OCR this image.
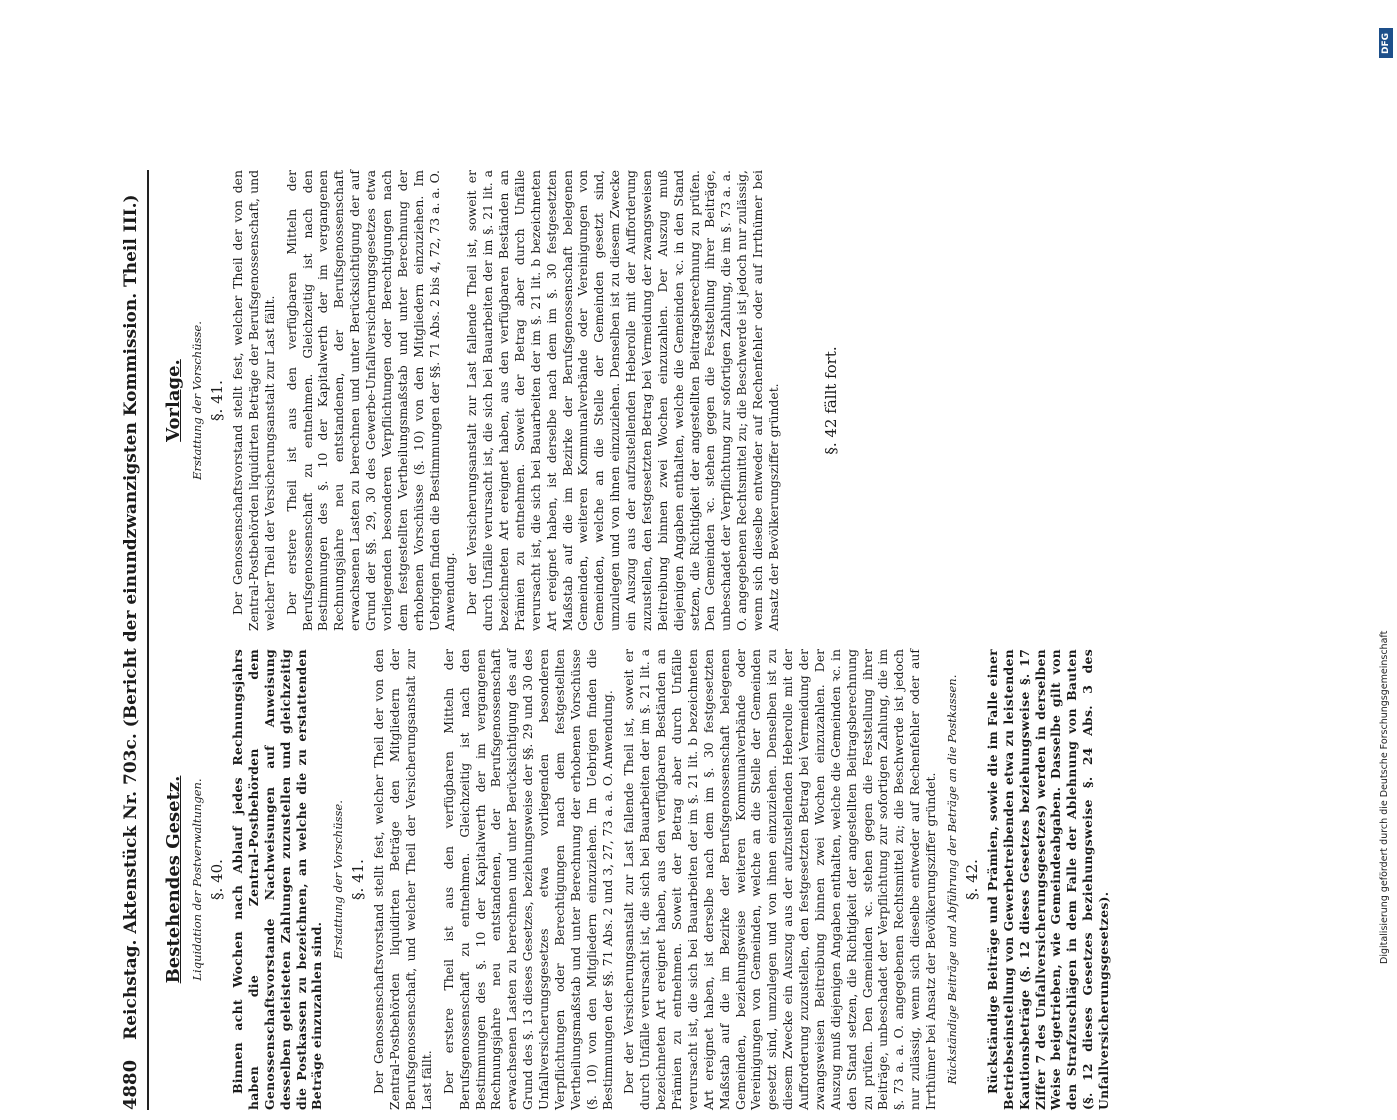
4880
Reichstag. Aktenstück Nr. 703c. (Bericht der einundzwanzigsten Kommission. Theil III.) Bestehendes Gesetz. Liquidation der Postverwaltungen. §. 40. Binnen acht Wochen nach Ablauf jedes Rechnungsjahrs haben die Zentral-Postbehörden dem Genossenschaftsvorstande Nachweisungen auf Anweisung desselben geleisteten Zahlungen zuzustellen und gleichzeitig die Postkassen zu bezeichnen, an welche die zu erstattenden Beträge einzuzahlen sind.

Erstattung der Vorschüsse. §. 41. Der Genossenschaftsvorstand stellt fest, welcher Theil der von den Zentral-Postbehörden liquidirten Beträge den Mitgliedern der Berufsgenossenschaft, und welcher Theil der Versicherungsanstalt zur Last fällt. Der erstere Theil ist aus den verfügbaren Mitteln der Berufsgenossenschaft zu entnehmen. Gleichzeitig ist nach den Bestimmungen des §. 10 der Kapitalwerth der im vergangenen Rechnungsjahre neu entstandenen, der Berufsgenossenschaft erwachsenen Lasten zu berechnen und unter Berücksichtigung des auf Grund des §. 13 dieses Gesetzes, beziehungsweise der §§. 29 und 30 des Unfallversicherungsgesetzes etwa vorliegenden besonderen Verpflichtungen oder Berechtigungen nach dem festgestellten Vertheilungsmaßstab und unter Berechnung der erhobenen Vorschüsse (§. 10) von den Mitgliedern einzuziehen. Im Uebrigen finden die Bestimmungen der §§. 71 Abs. 2 und 3, 27, 73 a. a. O. Anwendung. Der der Versicherungsanstalt zur Last fallende Theil ist, soweit er durch Unfälle verursacht ist, die sich bei Bauarbeiten der im §. 21 lit. a bezeichneten Art ereignet haben, aus den verfügbaren Beständen an Prämien zu entnehmen. Soweit der Betrag aber durch Unfälle verursacht ist, die sich bei Bauarbeiten der im §. 21 lit. b bezeichneten Art ereignet haben, ist derselbe nach dem im §. 30 festgesetzten Maßstab auf die im Bezirke der Berufsgenossenschaft belegenen Gemeinden, beziehungsweise weiteren Kommunalverbände oder Vereinigungen von Gemeinden, welche an die Stelle der Gemeinden gesetzt sind, umzulegen und von ihnen einzuziehen. Denselben ist zu diesem Zwecke ein Auszug aus der aufzustellenden Heberolle mit der Aufforderung zuzustellen, den festgesetzten Betrag bei Vermeidung der zwangsweisen Beitreibung binnen zwei Wochen einzuzahlen. Der Auszug muß diejenigen Angaben enthalten, welche die Gemeinden ꝛc. in den Stand setzen, die Richtigkeit der angestellten Beitragsberechnung zu prüfen. Den Gemeinden ꝛc. stehen gegen die Feststellung ihrer Beiträge, unbeschadet der Verpflichtung zur sofortigen Zahlung, die im §. 73 a. a. O. angegebenen Rechtsmittel zu; die Beschwerde ist jedoch nur zulässig, wenn sich dieselbe entweder auf Rechenfehler oder auf Irrthümer bei Ansatz der Bevölkerungsziffer gründet. Rückständige Beiträge und Abführung der Beträge an die Postkassen. §. 42. Rückständige Beiträge und Prämien, sowie die im Falle einer Betriebseinstellung von Gewerbetreibenden etwa zu leistenden Kautionsbeträge (§. 12 dieses Gesetzes beziehungsweise §. 17 Ziffer 7 des Unfallversicherungsgesetzes) werden in derselben Weise beigetrieben, wie Gemeindeabgaben. Dasselbe gilt von den Strafzuschlägen in dem Falle der Ablehnung von Bauten (§. 12 dieses Gesetzes beziehungsweise §. 24 Abs. 3 des Unfallversicherungsgesetzes).

Vorlage. Erstattung der Vorschüsse. §. 41. Der Genossenschaftsvorstand stellt fest, welcher Theil der von den Zentral-Postbehörden liquidirten Beträge der Berufsgenossenschaft, und welcher Theil der Versicherungsanstalt zur Last fällt. Der erstere Theil ist aus den verfügbaren Mitteln der Berufsgenossenschaft zu entnehmen. Gleichzeitig ist nach den Bestimmungen des §. 10 der Kapitalwerth der im vergangenen Rechnungsjahre neu entstandenen, der Berufsgenossenschaft erwachsenen Lasten zu berechnen und unter Berücksichtigung der auf Grund der §§. 29, 30 des Gewerbe-Unfallversicherungsgesetzes etwa vorliegenden besonderen Verpflichtungen oder Berechtigungen nach dem festgestellten Vertheilungsmaßstab und unter Berechnung der erhobenen Vorschüsse (§. 10) von den Mitgliedern einzuziehen. Im Uebrigen finden die Bestimmungen der §§. 71 Abs. 2 bis 4, 72, 73 a. a. O. Anwendung. Der der Versicherungsanstalt zur Last fallende Theil ist, soweit er durch Unfälle verursacht ist, die sich bei Bauarbeiten der im §. 21 lit. a bezeichneten Art ereignet haben, aus den verfügbaren Beständen an Prämien zu entnehmen. Soweit der Betrag aber durch Unfälle verursacht ist, die sich bei Bauarbeiten der im §. 21 lit. b bezeichneten Art ereignet haben, ist derselbe nach dem im §. 30 festgesetzten Maßstab auf die im Bezirke der Berufsgenossenschaft belegenen Gemeinden, weiteren Kommunalverbände oder Vereinigungen von Gemeinden, welche an die Stelle der Gemeinden gesetzt sind, umzulegen und von ihnen einzuziehen. Denselben ist zu diesem Zwecke ein Auszug aus der aufzustellenden Heberolle mit der Aufforderung zuzustellen, den festgesetzten Betrag bei Vermeidung der zwangsweisen Beitreibung binnen zwei Wochen einzuzahlen. Der Auszug muß diejenigen Angaben enthalten, welche die Gemeinden ꝛc. in den Stand setzen, die Richtigkeit der angestellten Beitragsberechnung zu prüfen. Den Gemeinden ꝛc. stehen gegen die Feststellung ihrer Beiträge, unbeschadet der Verpflichtung zur sofortigen Zahlung, die im §. 73 a. a. O. angegebenen Rechtsmittel zu; die Beschwerde ist jedoch nur zulässig, wenn sich dieselbe entweder auf Rechenfehler oder auf Irrthümer bei Ansatz der Bevölkerungsziffer gründet.	§. 42 fällt fort.
DFG
Digitalisierung gefördert durch die Deutsche Forschungsgemeinschaft
